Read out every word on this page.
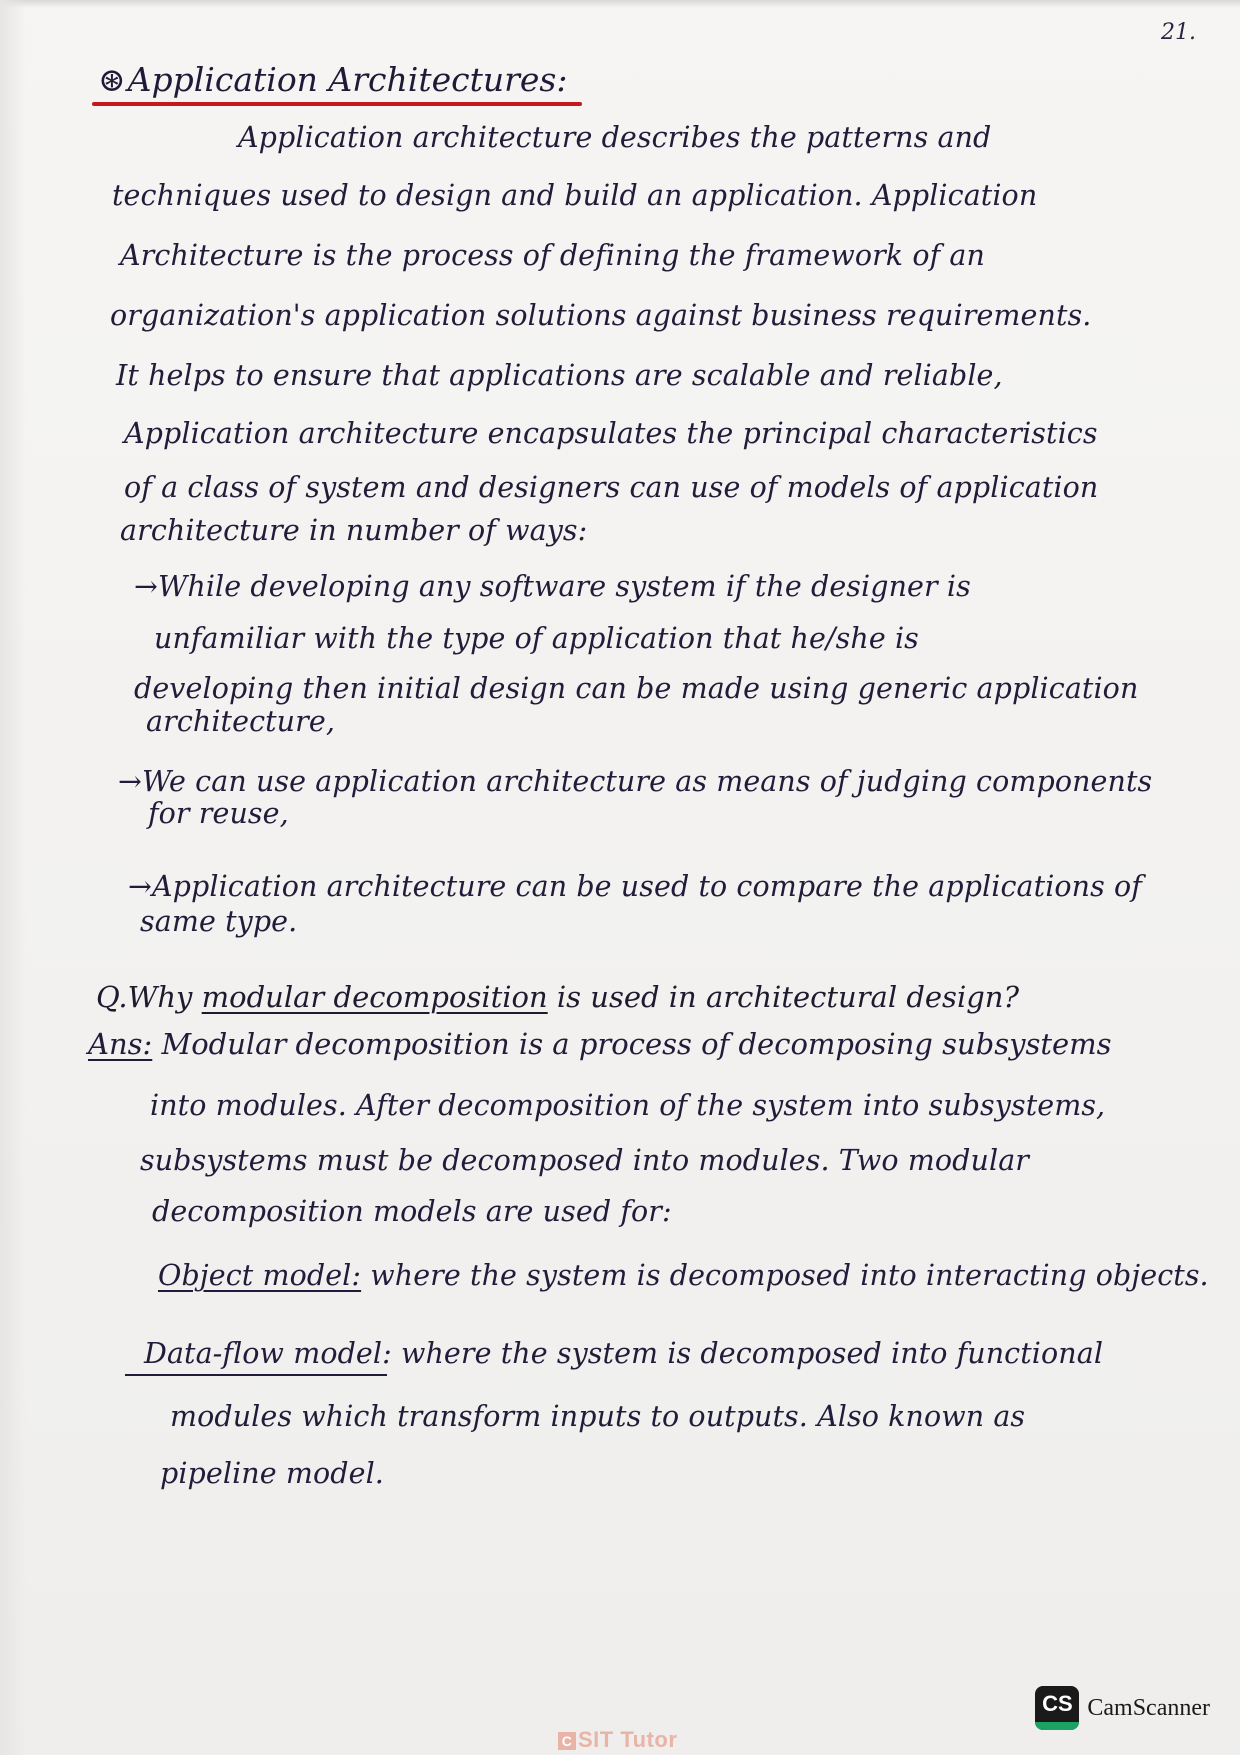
21.
⊛Application Architectures:
Application architecture describes the patterns and
techniques used to design and build an application. Application
Architecture is the process of defining the framework of an
organization's application solutions against business requirements.
It helps to ensure that applications are scalable and reliable,
Application architecture encapsulates the principal characteristics
of a class of system and designers can use of models of application
architecture in number of ways:
→While developing any software system if the designer is
unfamiliar with the type of application that he/she is
developing then initial design can be made using generic application
architecture,
→We can use application architecture as means of judging components
for reuse,
→Application architecture can be used to compare the applications of
same type.
Q.Why modular decomposition is used in architectural design?
Ans: Modular decomposition is a process of decomposing subsystems
into modules. After decomposition of the system into subsystems,
subsystems must be decomposed into modules. Two modular
decomposition models are used for:
Object model: where the system is decomposed into interacting objects.
Data-flow model: where the system is decomposed into functional
modules which transform inputs to outputs. Also known as
pipeline model.
C SIT Tutor
CS CamScanner
